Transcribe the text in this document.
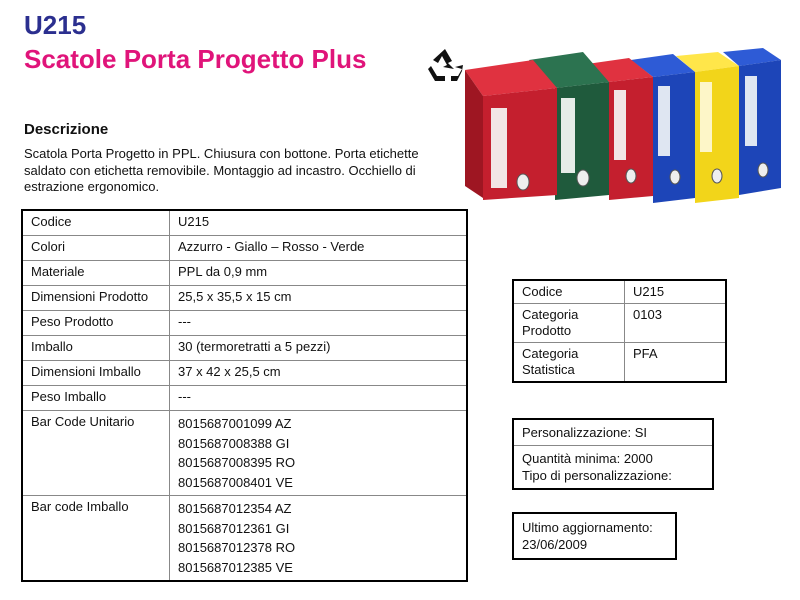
U215
Scatole Porta Progetto Plus
Descrizione
Scatola Porta Progetto in PPL. Chiusura con bottone. Porta etichette saldato con etichetta removibile. Montaggio ad incastro. Occhiello di estrazione ergonomico.
Codice	U215
Colori	Azzurro - Giallo – Rosso - Verde
Materiale	PPL da 0,9 mm
Dimensioni Prodotto	25,5 x 35,5 x 15 cm
Peso Prodotto	---
Imballo	30 (termoretratti a 5 pezzi)
Dimensioni Imballo	37 x 42 x 25,5 cm
Peso Imballo	---
Bar Code Unitario	8015687001099 AZ
8015687008388 GI
8015687008395 RO
8015687008401 VE

Bar code Imballo	8015687012354 AZ
8015687012361 GI
8015687012378 RO
8015687012385 VE
Codice	U215
Categoria Prodotto	0103
Categoria Statistica	PFA
Personalizzazione: SI

Quantità minima: 2000
Tipo di personalizzazione:
Ultimo aggiornamento:
23/06/2009
